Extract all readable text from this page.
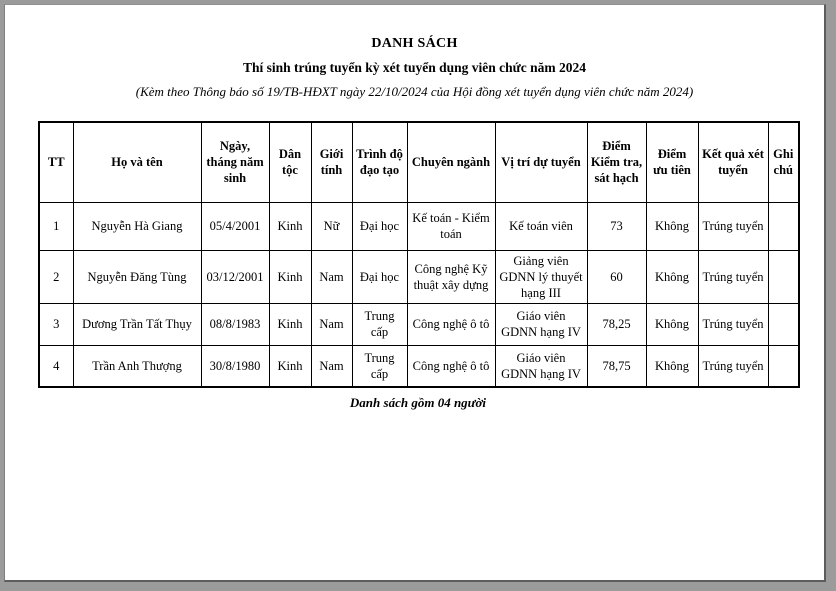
DANH SÁCH
Thí sinh trúng tuyển kỳ xét tuyển dụng viên chức năm 2024
(Kèm theo Thông báo số 19/TB-HĐXT ngày 22/10/2024 của Hội đồng xét tuyển dụng viên chức năm 2024)
TT	Họ và tên	Ngày, tháng năm sinh	Dân tộc	Giới tính	Trình độ đạo tạo	Chuyên ngành	Vị trí dự tuyển	Điểm Kiểm tra, sát hạch	Điểm ưu tiên	Kết quả xét tuyển	Ghi chú
1	Nguyễn Hà Giang	05/4/2001	Kinh	Nữ	Đại học	Kế toán - Kiểm toán	Kế toán viên	73	Không	Trúng tuyển	
2	Nguyễn Đăng Tùng	03/12/2001	Kinh	Nam	Đại học	Công nghệ Kỹ thuật xây dựng	Giảng viên GDNN lý thuyết hạng III	60	Không	Trúng tuyển	
3	Dương Trần Tất Thụy	08/8/1983	Kinh	Nam	Trung cấp	Công nghệ ô tô	Giáo viên GDNN hạng IV	78,25	Không	Trúng tuyển	
4	Trần Anh Thượng	30/8/1980	Kinh	Nam	Trung cấp	Công nghệ ô tô	Giáo viên GDNN hạng IV	78,75	Không	Trúng tuyển	
Danh sách gồm 04 người
